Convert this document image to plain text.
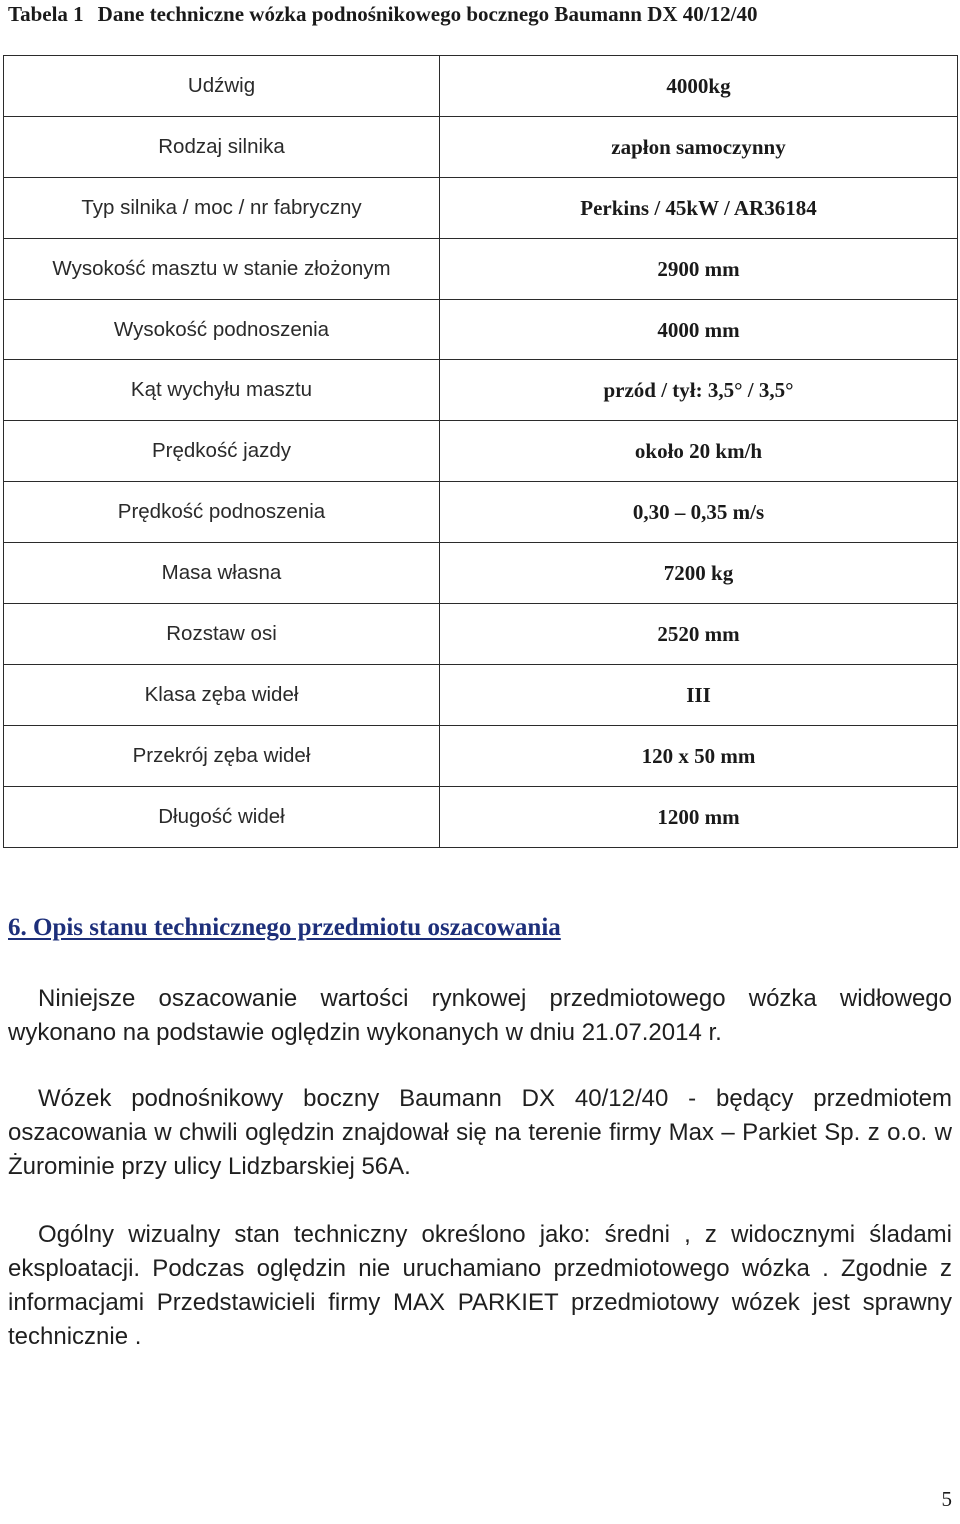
Tabela 1 Dane techniczne wózka podnośnikowego bocznego Baumann DX 40/12/40
Udźwig	4000kg
Rodzaj silnika	zapłon samoczynny
Typ silnika / moc / nr fabryczny	Perkins / 45kW / AR36184
Wysokość masztu w stanie złożonym	2900 mm
Wysokość podnoszenia	4000 mm
Kąt wychyłu masztu	przód / tył: 3,5° / 3,5°
Prędkość jazdy	około 20 km/h
Prędkość podnoszenia	0,30 – 0,35 m/s
Masa własna	7200 kg
Rozstaw osi	2520 mm
Klasa zęba wideł	III
Przekrój zęba wideł	120 x 50 mm
Długość wideł	1200 mm
6. Opis stanu technicznego przedmiotu oszacowania

Niniejsze oszacowanie wartości rynkowej przedmiotowego wózka widłowego wykonano na podstawie oględzin wykonanych w dniu 21.07.2014 r.

Wózek podnośnikowy boczny Baumann DX 40/12/40 - będący przedmiotem oszacowania w chwili oględzin znajdował się na terenie firmy Max – Parkiet Sp. z o.o. w Żurominie przy ulicy Lidzbarskiej 56A.

Ogólny wizualny stan techniczny określono jako: średni , z widocznymi śladami eksploatacji. Podczas oględzin nie uruchamiano przedmiotowego wózka . Zgodnie z informacjami Przedstawicieli firmy MAX PARKIET przedmiotowy wózek jest sprawny technicznie .

5
